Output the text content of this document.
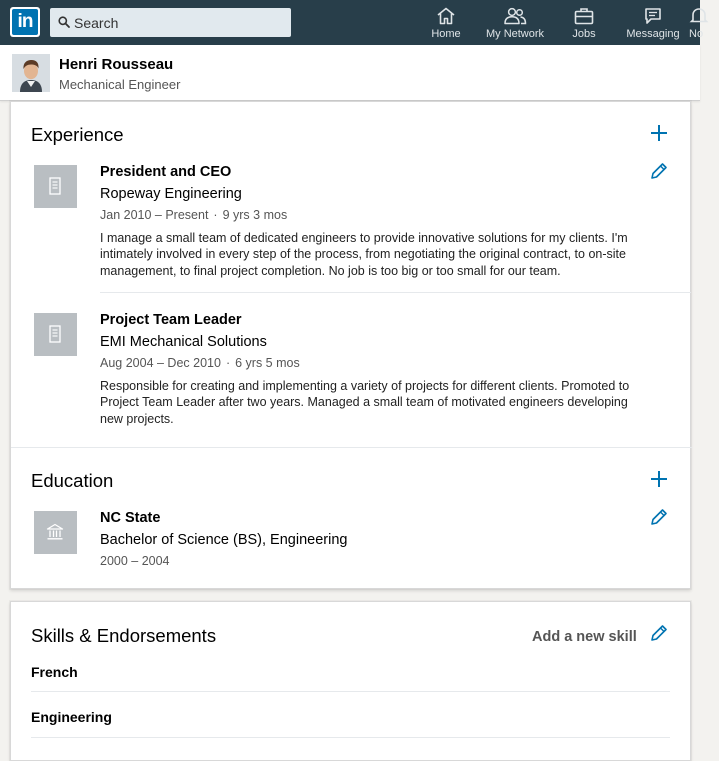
in
Search
Home	My Network	Jobs	Messaging No
Henri Rousseau
Mechanical Engineer
Experience
President and CEO
Ropeway Engineering
Jan 2010 – Present · 9 yrs 3 mos
I manage a small team of dedicated engineers to provide innovative solutions for my clients. I'm intimately involved in every step of the process, from negotiating the original contract, to on-site management, to final project completion. No job is too big or too small for our team.
Project Team Leader
EMI Mechanical Solutions
Aug 2004 – Dec 2010 · 6 yrs 5 mos
Responsible for creating and implementing a variety of projects for different clients. Promoted to Project Team Leader after two years. Managed a small team of motivated engineers developing new projects.
Education
NC State
Bachelor of Science (BS), Engineering
2000 – 2004
Skills & Endorsements	Add a new skill
French
Engineering
